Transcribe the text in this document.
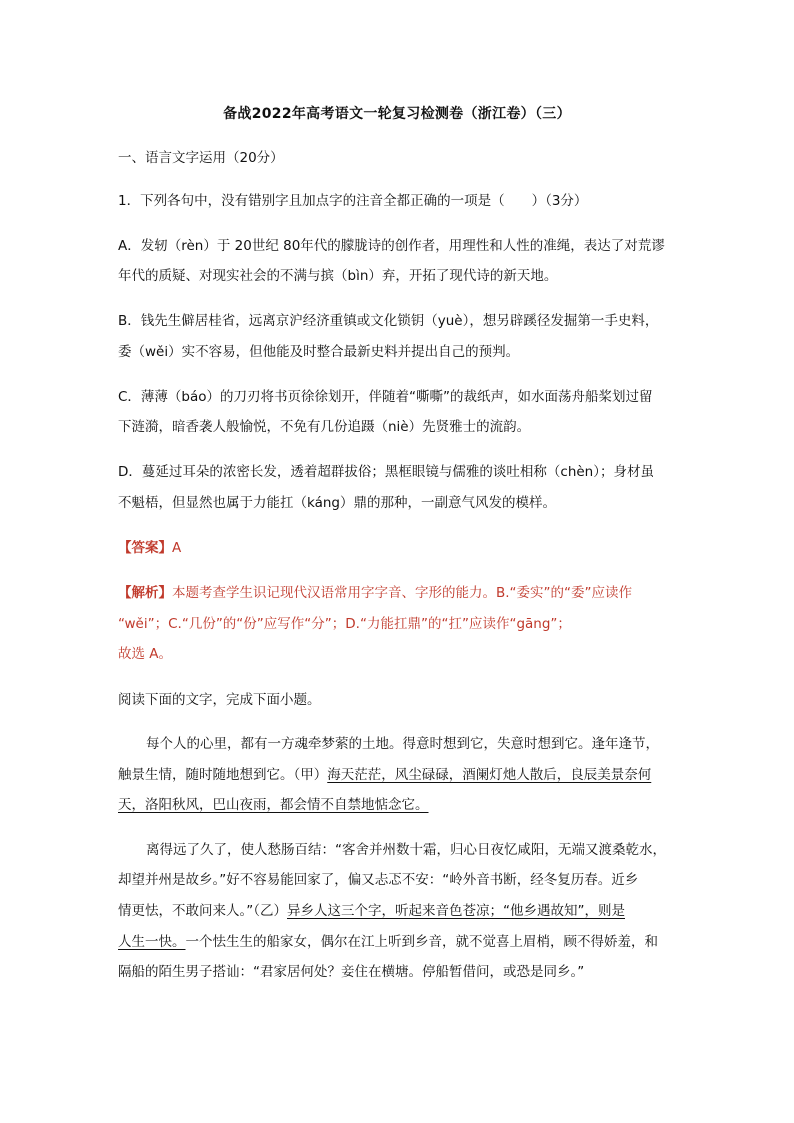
备战2022年高考语文一轮复习检测卷（浙江卷）（三）
一、语言文字运用（20分）
1．下列各句中，没有错别字且加点字的注音全都正确的一项是（　　）（3分）
A．发轫（rèn）于 20世纪 80年代的朦胧诗的创作者，用理性和人性的准绳，表达了对荒谬
年代的质疑、对现实社会的不满与摈（bìn）弃，开拓了现代诗的新天地。
B．钱先生僻居桂省，远离京沪经济重镇或文化锁钥（yuè），想另辟蹊径发掘第一手史料，
委（wěi）实不容易，但他能及时整合最新史料并提出自己的预判。
C．薄薄（báo）的刀刃将书页徐徐划开，伴随着“嘶嘶”的裁纸声，如水面荡舟船桨划过留
下涟漪，暗香袭人般愉悦，不免有几份追蹑（niè）先贤雅士的流韵。
D．蔓延过耳朵的浓密长发，透着超群拔俗；黑框眼镜与儒雅的谈吐相称（chèn）；身材虽
不魁梧，但显然也属于力能扛（káng）鼎的那种，一副意气风发的模样。
【答案】A
【解析】本题考查学生识记现代汉语常用字字音、字形的能力。B.“委实”的“委”应读作
“wěi”；C.“几份”的“份”应写作“分”；D.“力能扛鼎”的“扛”应读作“gāng”；
故选 A。
阅读下面的文字，完成下面小题。
每个人的心里，都有一方魂牵梦萦的土地。得意时想到它，失意时想到它。逢年逢节，
触景生情，随时随地想到它。（甲）海天茫茫，风尘碌碌，酒阑灯灺人散后，良辰美景奈何
天，洛阳秋风，巴山夜雨，都会情不自禁地惦念它。
离得远了久了，使人愁肠百结：“客舍并州数十霜，归心日夜忆咸阳，无端又渡桑乾水，
却望并州是故乡。”好不容易能回家了，偏又忐忑不安：“岭外音书断，经冬复历春。近乡
情更怯，不敢问来人。”（乙）异乡人这三个字，听起来音色苍凉；“他乡遇故知”，则是
人生一快。一个怯生生的船家女，偶尔在江上听到乡音，就不觉喜上眉梢，顾不得娇羞，和
隔船的陌生男子搭讪：“君家居何处？妾住在横塘。停船暂借问，或恐是同乡。”
